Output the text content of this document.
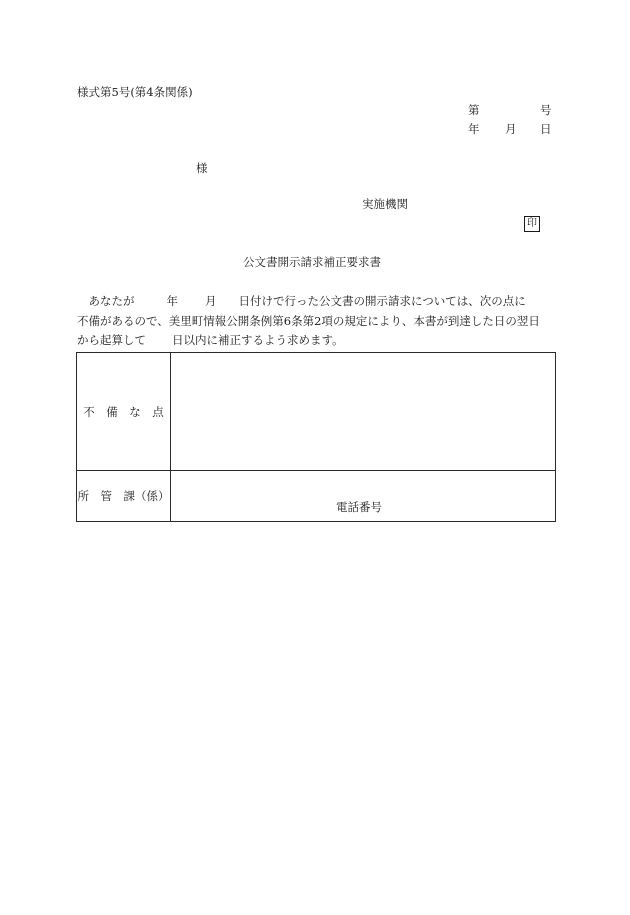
様式第5号(第4条関係)
第	号
年 月 日
様
実施機関
印
公文書開示請求補正要求書
　あなたが	年 月 日付けで行った公文書の開示請求については、次の点に
不備があるので、美里町情報公開条例第6条第2項の規定により、本書が到達した日の翌日
から起算して 日以内に補正するよう求めます。
不　備　な　点	
所　管　課（係）	電話番号
